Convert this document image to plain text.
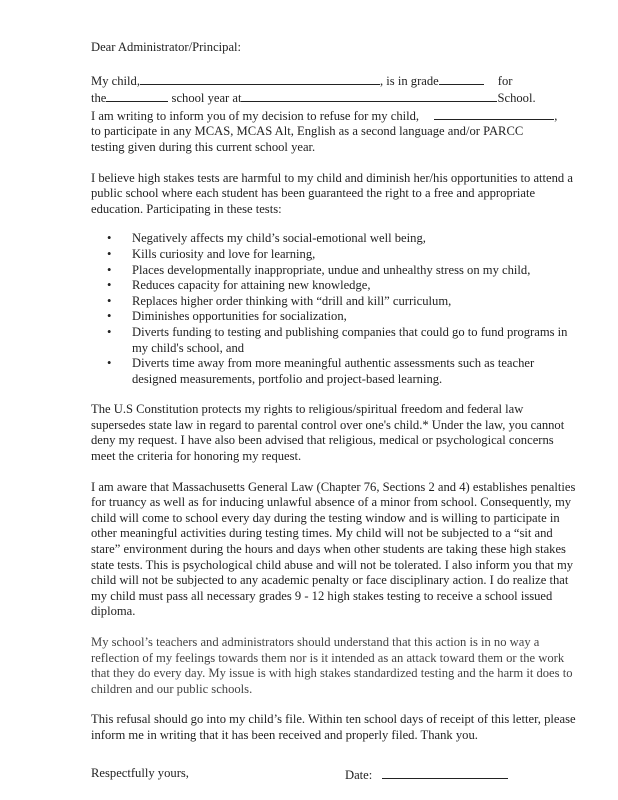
Dear Administrator/Principal:

My child,	, is in grade	for
the	school year at	School.
I am writing to inform you of my decision to refuse for my child,	,
to participate in any MCAS, MCAS Alt, English as a second language and/or PARCC
testing given during this current school year.

I believe high stakes tests are harmful to my child and diminish her/his opportunities to attend a public school where each student has been guaranteed the right to a free and appropriate education. Participating in these tests:

• Negatively affects my child’s social-emotional well being,
• Kills curiosity and love for learning,
• Places developmentally inappropriate, undue and unhealthy stress on my child,
• Reduces capacity for attaining new knowledge,
• Replaces higher order thinking with “drill and kill” curriculum,
• Diminishes opportunities for socialization,
• Diverts funding to testing and publishing companies that could go to fund programs in my child's school, and
• Diverts time away from more meaningful authentic assessments such as teacher designed measurements, portfolio and project-based learning.

The U.S Constitution protects my rights to religious/spiritual freedom and federal law supersedes state law in regard to parental control over one's child.* Under the law, you cannot deny my request. I have also been advised that religious, medical or psychological concerns meet the criteria for honoring my request.

I am aware that Massachusetts General Law (Chapter 76, Sections 2 and 4) establishes penalties for truancy as well as for inducing unlawful absence of a minor from school. Consequently, my child will come to school every day during the testing window and is willing to participate in other meaningful activities during testing times. My child will not be subjected to a “sit and stare” environment during the hours and days when other students are taking these high stakes state tests. This is psychological child abuse and will not be tolerated. I also inform you that my child will not be subjected to any academic penalty or face disciplinary action. I do realize that my child must pass all necessary grades 9 - 12 high stakes testing to receive a school issued diploma.

My school’s teachers and administrators should understand that this action is in no way a reflection of my feelings towards them nor is it intended as an attack toward them or the work that they do every day. My issue is with high stakes standardized testing and the harm it does to children and our public schools.

This refusal should go into my child’s file. Within ten school days of receipt of this letter, please inform me in writing that it has been received and properly filed. Thank you.

Respectfully yours,	Date:
